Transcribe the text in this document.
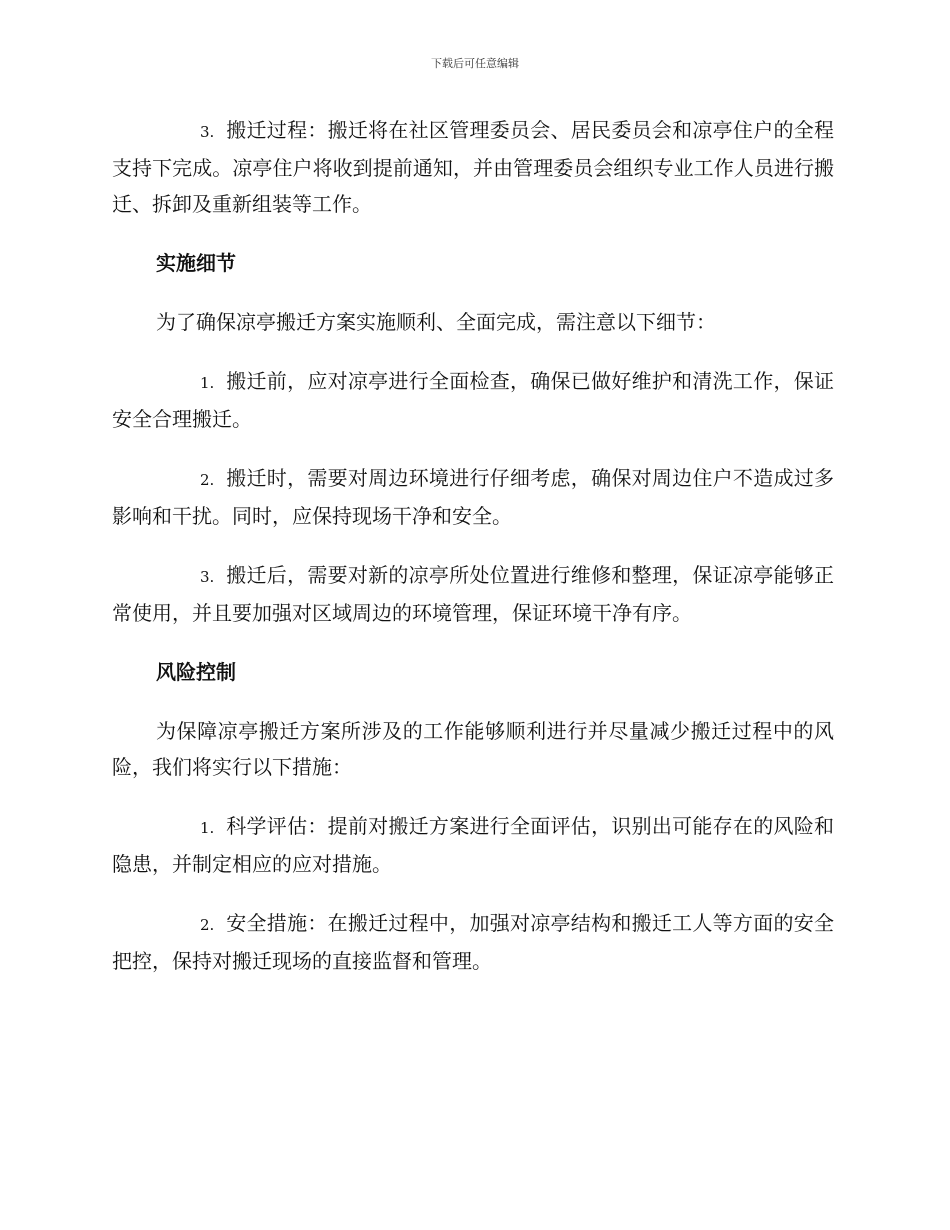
下载后可任意编辑

3. 搬迁过程：搬迁将在社区管理委员会、居民委员会和凉亭住户的全程支持下完成。凉亭住户将收到提前通知，并由管理委员会组织专业工作人员进行搬迁、拆卸及重新组装等工作。

实施细节

为了确保凉亭搬迁方案实施顺利、全面完成，需注意以下细节：

1. 搬迁前，应对凉亭进行全面检查，确保已做好维护和清洗工作，保证安全合理搬迁。

2. 搬迁时，需要对周边环境进行仔细考虑，确保对周边住户不造成过多影响和干扰。同时，应保持现场干净和安全。

3. 搬迁后，需要对新的凉亭所处位置进行维修和整理，保证凉亭能够正常使用，并且要加强对区域周边的环境管理，保证环境干净有序。

风险控制

为保障凉亭搬迁方案所涉及的工作能够顺利进行并尽量减少搬迁过程中的风险，我们将实行以下措施：

1. 科学评估：提前对搬迁方案进行全面评估，识别出可能存在的风险和隐患，并制定相应的应对措施。

2. 安全措施：在搬迁过程中，加强对凉亭结构和搬迁工人等方面的安全把控，保持对搬迁现场的直接监督和管理。
